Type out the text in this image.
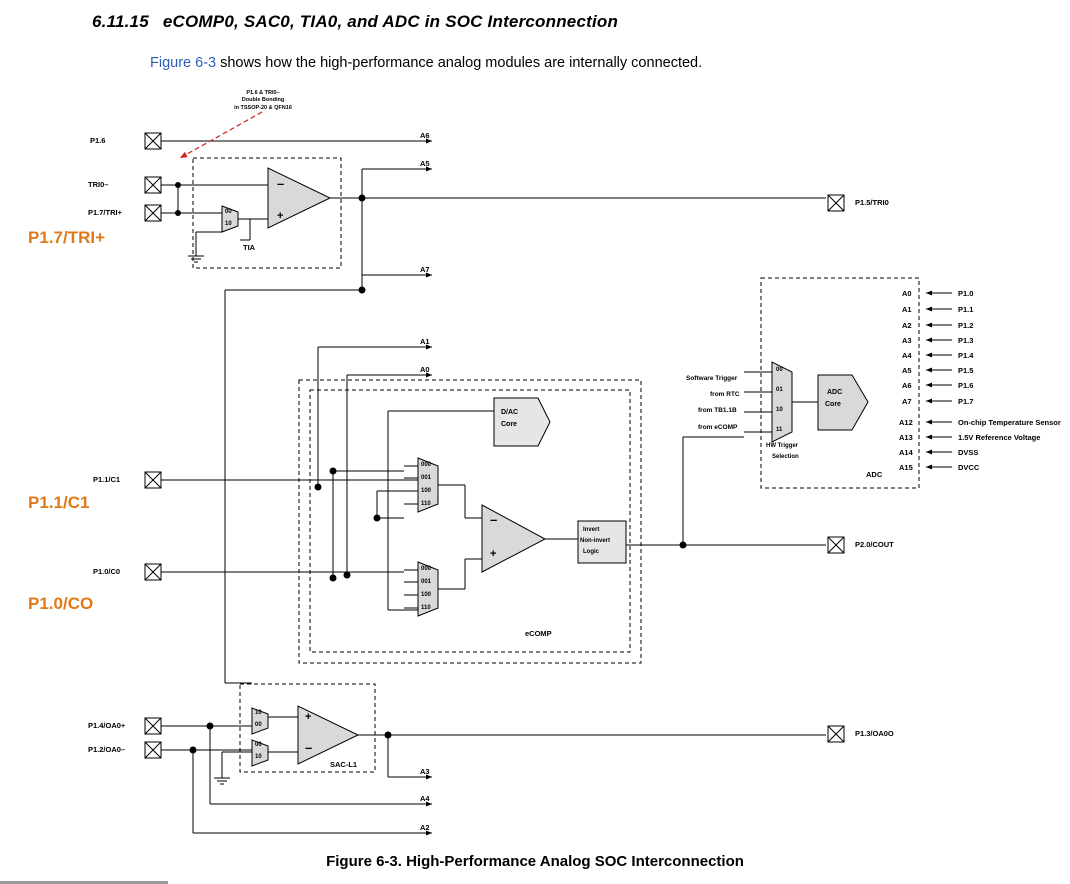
6.11.15 eCOMP0, SAC0, TIA0, and ADC in SOC Interconnection
Figure 6-3 shows how the high-performance analog modules are internally connected.
P1.6 & TRI0–
Double Bonding
in TSSOP-20 & QFN16
P1.6
TRI0–
P1.7/TRI+
P1.1/C1
P1.0/C0
P1.4/OA0+
P1.2/OA0–
P1.5/TRI0
P2.0/COUT
P1.3/OA0O
P1.7/TRI+
P1.1/C1
P1.0/CO
A6
A5
A7
A1
A0
A3
A4
A2
TIA
eCOMP
SAC-L1
D/AC
Core
ADC
Core
ADC
Invert
Non-invert
Logic
HW Trigger
Selection
Software Trigger
from RTC
from TB1.1B
from eCOMP
00
01
10
11
A0
A1
A2
A3
A4
A5
A6
A7
A12
A13
A14
A15
P1.0
P1.1
P1.2
P1.3
P1.4
P1.5
P1.6
P1.7
On-chip Temperature Sensor
1.5V Reference Voltage
DVSS
DVCC
000
001
100
110
000
001
100
110
00
10
10
00
00
10
–
+
–
+
+
–
Figure 6-3. High-Performance Analog SOC Interconnection
